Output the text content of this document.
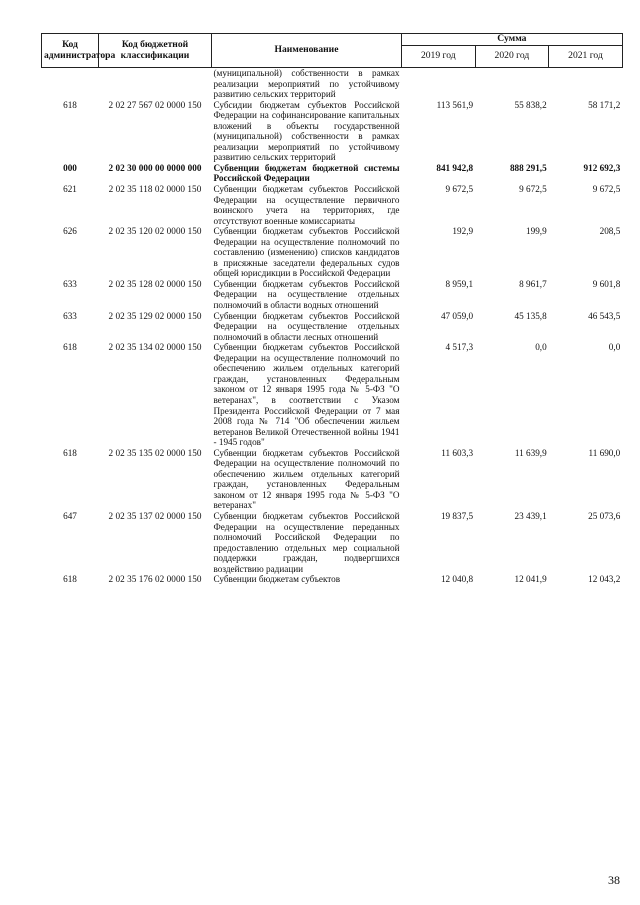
Код администратора	Код бюджетной классификации	Наименование	Сумма		
			2019 год	2020 год	2021 год
		(муниципальной) собственности в рамках реализации мероприятий по устойчивому развитию сельских территорий			
618	2 02 27 567 02 0000 150	Субсидии бюджетам субъектов Российской Федерации на софинансирование капитальных вложений в объекты государственной (муниципальной) собственности в рамках реализации мероприятий по устойчивому развитию сельских территорий	113 561,9	55 838,2	58 171,2
000	2 02 30 000 00 0000 000	Субвенции бюджетам бюджетной системы Российской Федерации	841 942,8	888 291,5	912 692,3
621	2 02 35 118 02 0000 150	Субвенции бюджетам субъектов Российской Федерации на осуществление первичного воинского учета на территориях, где отсутствуют военные комиссариаты	9 672,5	9 672,5	9 672,5
626	2 02 35 120 02 0000 150	Субвенции бюджетам субъектов Российской Федерации на осуществление полномочий по составлению (изменению) списков кандидатов в присяжные заседатели федеральных судов общей юрисдикции в Российской Федерации	192,9	199,9	208,5
633	2 02 35 128 02 0000 150	Субвенции бюджетам субъектов Российской Федерации на осуществление отдельных полномочий в области водных отношений	8 959,1	8 961,7	9 601,8
633	2 02 35 129 02 0000 150	Субвенции бюджетам субъектов Российской Федерации на осуществление отдельных полномочий в области лесных отношений	47 059,0	45 135,8	46 543,5
618	2 02 35 134 02 0000 150	Субвенции бюджетам субъектов Российской Федерации на осуществление полномочий по обеспечению жильем отдельных категорий граждан, установленных Федеральным законом от 12 января 1995 года № 5-ФЗ "О ветеранах", в соответствии с Указом Президента Российской Федерации от 7 мая 2008 года № 714 "Об обеспечении жильем ветеранов Великой Отечественной войны 1941 - 1945 годов"	4 517,3	0,0	0,0
618	2 02 35 135 02 0000 150	Субвенции бюджетам субъектов Российской Федерации на осуществление полномочий по обеспечению жильем отдельных категорий граждан, установленных Федеральным законом от 12 января 1995 года № 5-ФЗ "О ветеранах"	11 603,3	11 639,9	11 690,0
647	2 02 35 137 02 0000 150	Субвенции бюджетам субъектов Российской Федерации на осуществление переданных полномочий Российской Федерации по предоставлению отдельных мер социальной поддержки граждан, подвергшихся воздействию радиации	19 837,5	23 439,1	25 073,6
618	2 02 35 176 02 0000 150	Субвенции бюджетам субъектов	12 040,8	12 041,9	12 043,2
38
